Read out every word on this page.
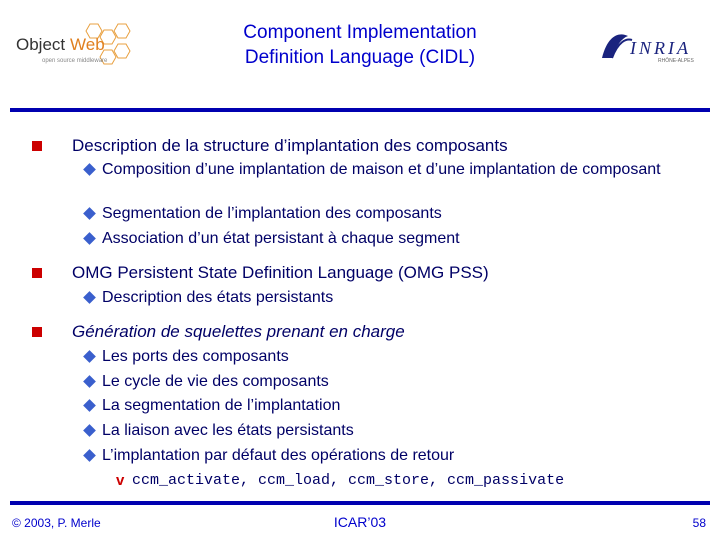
Object Web
open source middleware
INRIA
RHÔNE-ALPES
Component Implementation
Definition Language (CIDL)
Description de la structure d’implantation des composants
Composition d’une implantation de maison et d’une implantation de composant
Segmentation de l’implantation des composants
Association d’un état persistant à chaque segment
OMG Persistent State Definition Language (OMG PSS)
Description des états persistants
Génération de squelettes prenant en charge
Les ports des composants
Le cycle de vie des composants
La segmentation de l’implantation
La liaison avec les états persistants
L’implantation par défaut des opérations de retour
v ccm_activate, ccm_load, ccm_store, ccm_passivate
© 2003, P. Merle	ICAR’03	58
